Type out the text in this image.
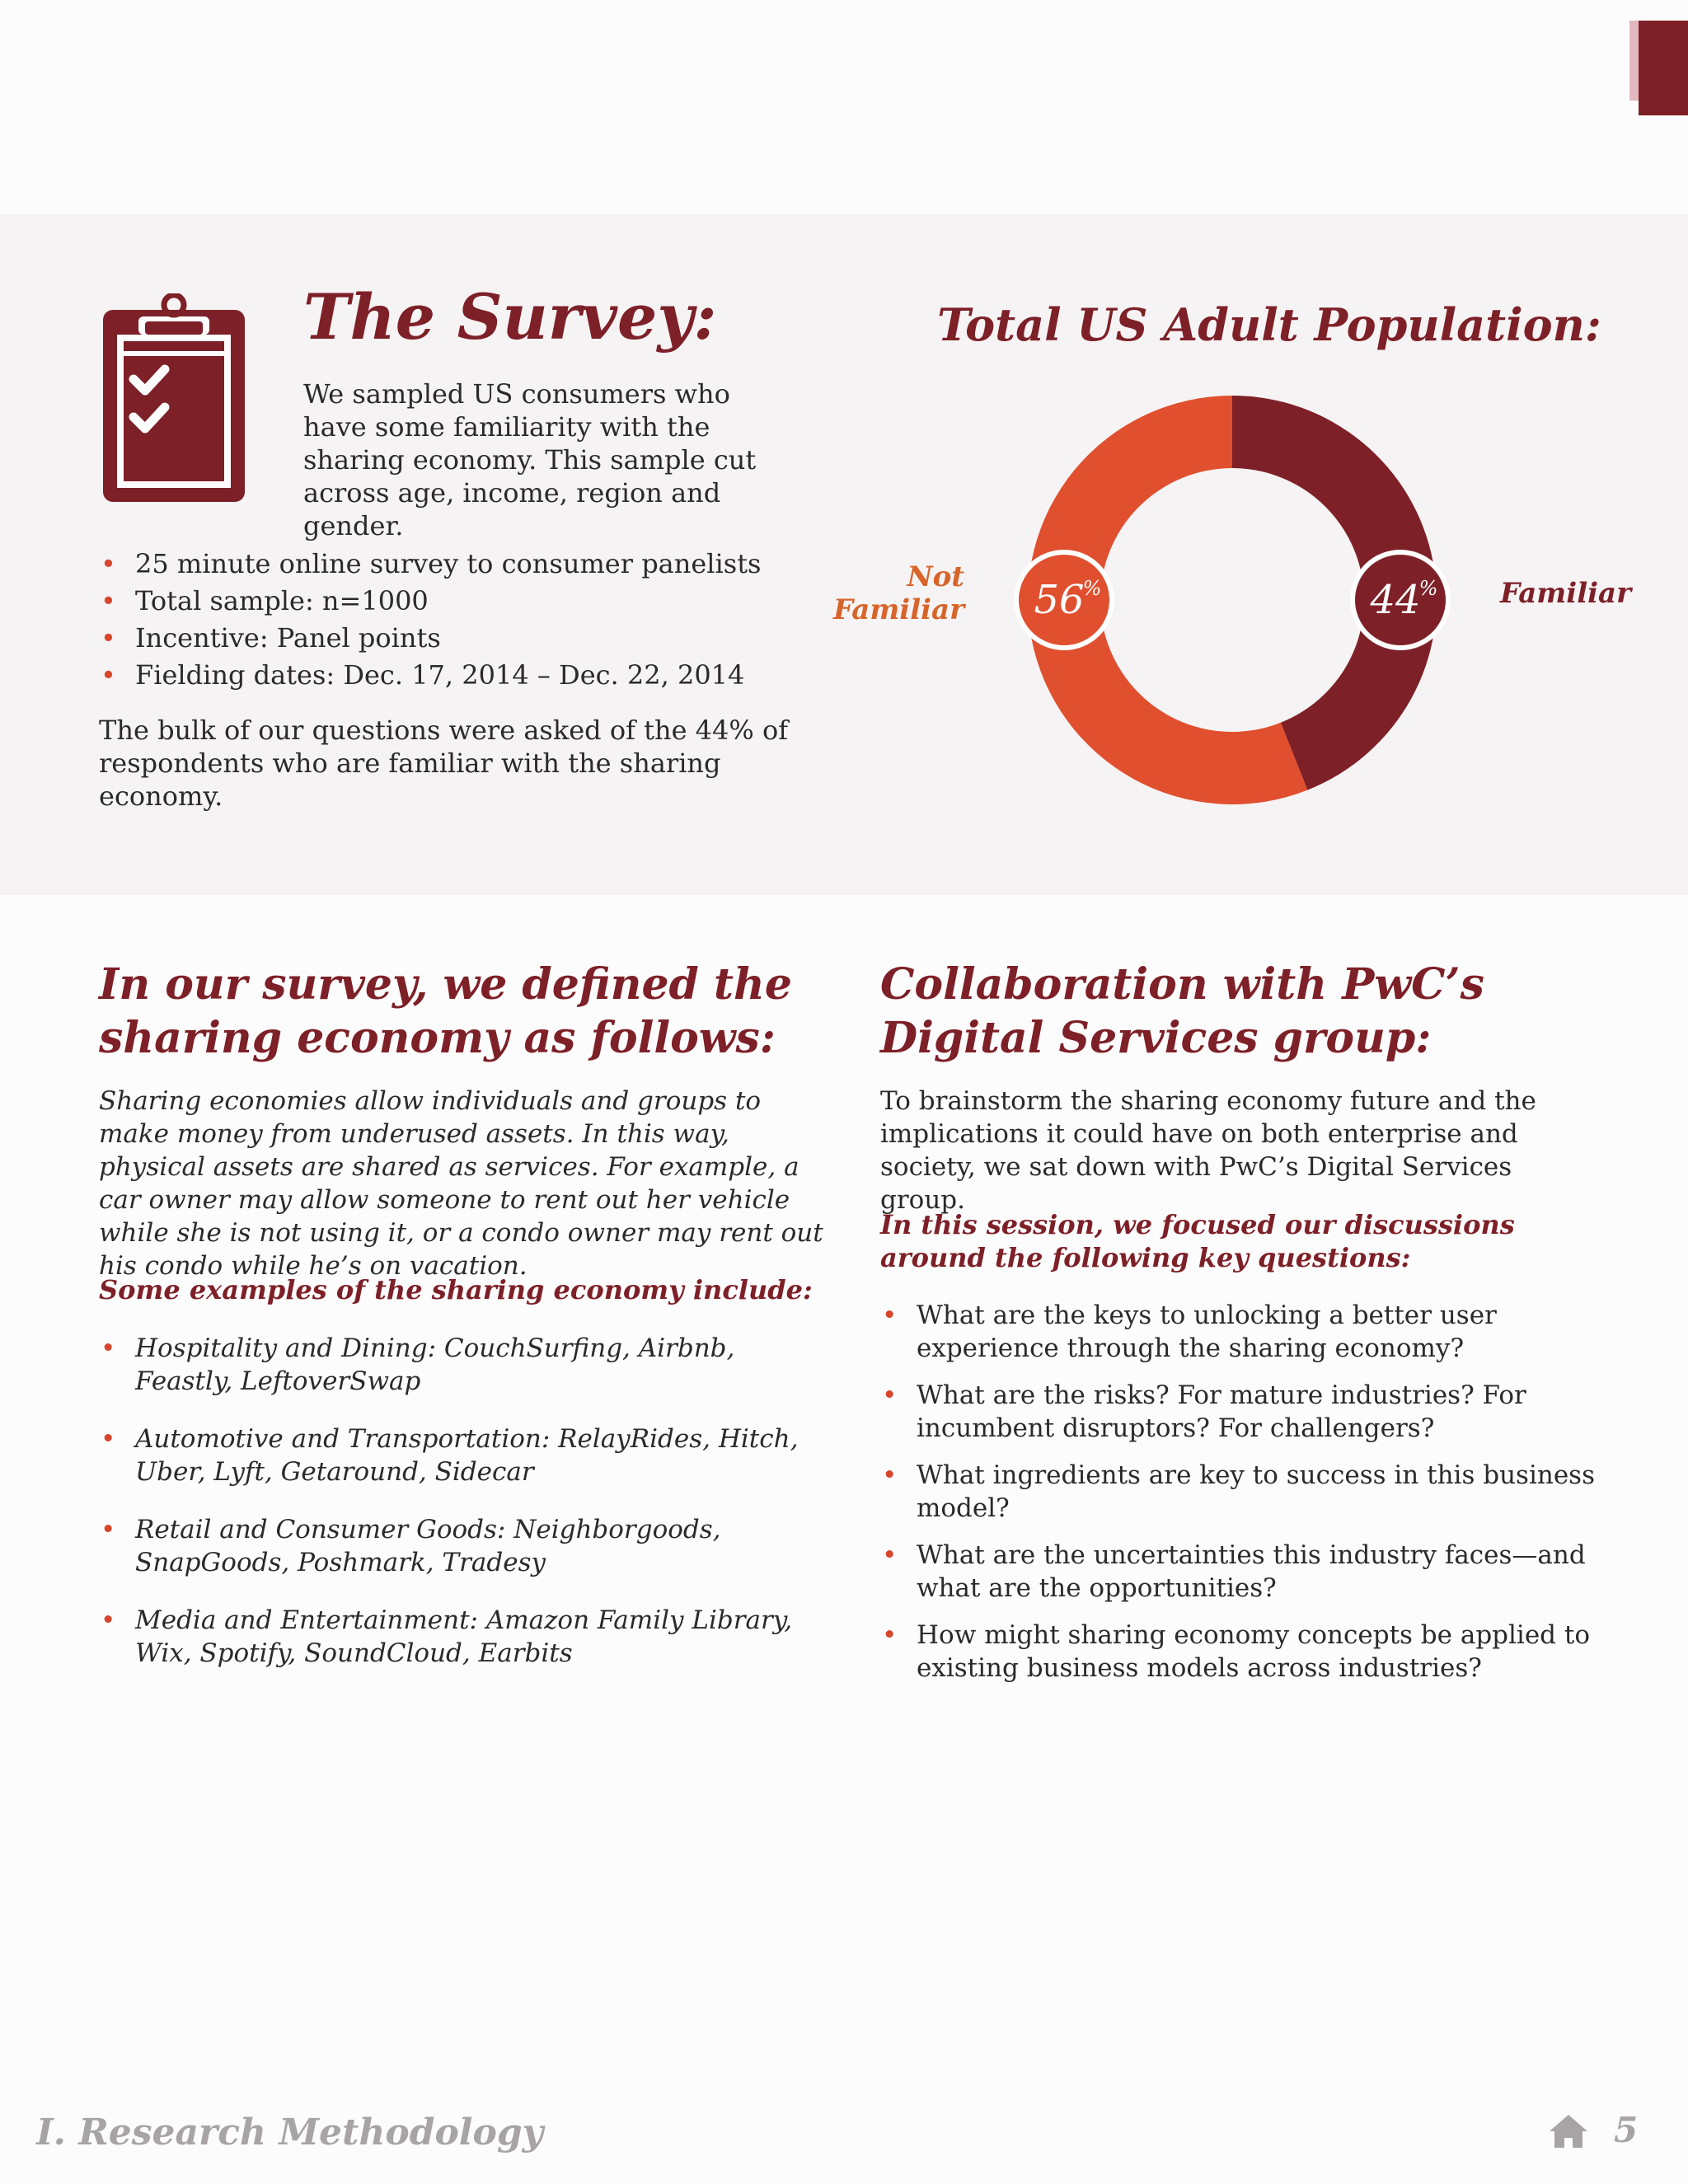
The Survey:

We sampled US consumers who have some familiarity with the sharing economy. This sample cut across age, income, region and gender.

• 25 minute online survey to consumer panelists
• Total sample: n=1000
• Incentive: Panel points
• Fielding dates: Dec. 17, 2014 – Dec. 22, 2014

The bulk of our questions were asked of the 44% of respondents who are familiar with the sharing economy.

Total US Adult Population:
44
%
56
%

Not
Familiar	Familiar

In our survey, we defined the sharing economy as follows:

Sharing economies allow individuals and groups to make money from underused assets. In this way, physical assets are shared as services. For example, a car owner may allow someone to rent out her vehicle while she is not using it, or a condo owner may rent out his condo while he’s on vacation.

Some examples of the sharing economy include:

• Hospitality and Dining: CouchSurfing, Airbnb, Feastly, LeftoverSwap
• Automotive and Transportation: RelayRides, Hitch, Uber, Lyft, Getaround, Sidecar
• Retail and Consumer Goods: Neighborgoods, SnapGoods, Poshmark, Tradesy
• Media and Entertainment: Amazon Family Library, Wix, Spotify, SoundCloud, Earbits
Collaboration with PwC’s Digital Services group:

To brainstorm the sharing economy future and the implications it could have on both enterprise and society, we sat down with PwC’s Digital Services group.

In this session, we focused our discussions around the following key questions:

• What are the keys to unlocking a better user experience through the sharing economy?
• What are the risks? For mature industries? For incumbent disruptors? For challengers?
• What ingredients are key to success in this business model?
• What are the uncertainties this industry faces—and what are the opportunities?
• How might sharing economy concepts be applied to existing business models across industries?

I. Research Methodology	5
